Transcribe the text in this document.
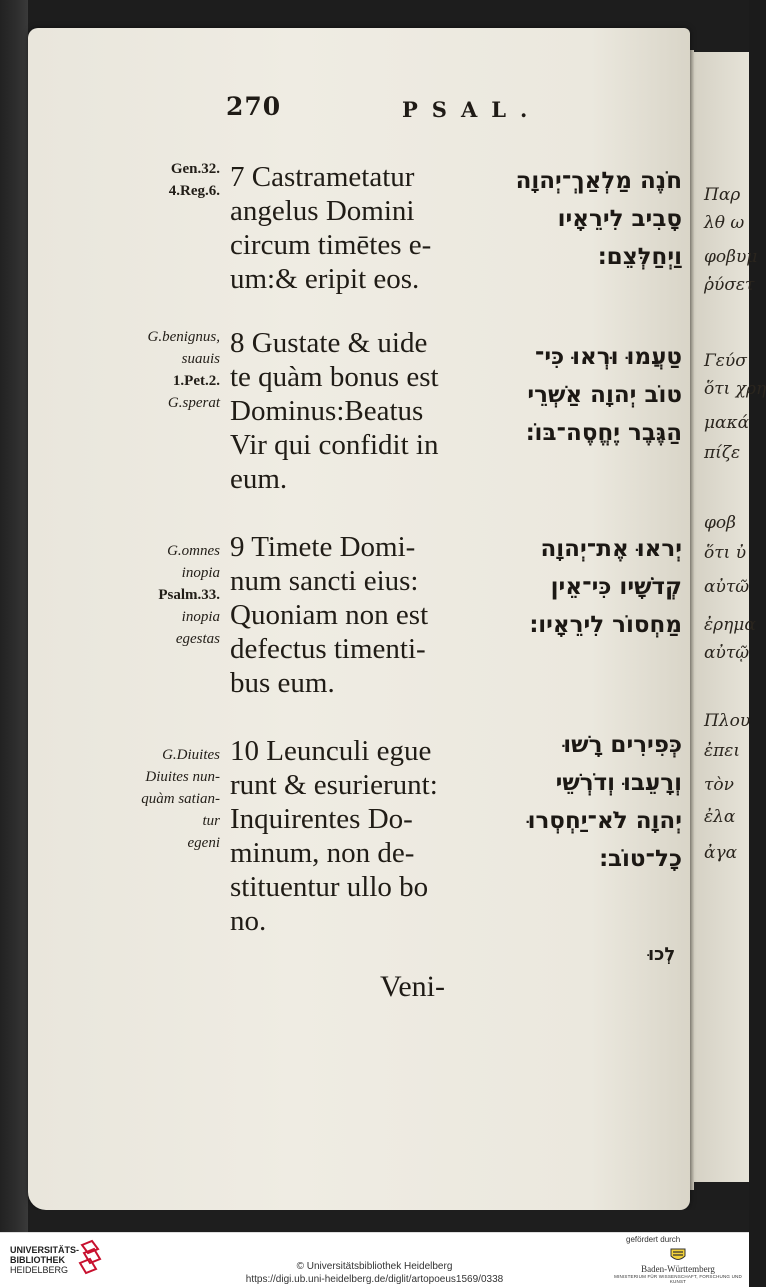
Παρ
λθ ω
φοβυμ
ῥύσετ
Γεύσ
ὅτι χρη
μακά
πίζε
φοβ
ὅτι ὐ
αὐτῶ
ἐρημα
αὐτῷ
Πλου
ἐπει
τὸν
ἐλα
ἀγα
270	PSAL.
Gen.32.
4.Reg.6. 7 Castrametatur
angelus Domini
circum timētes e-
um:& eripit eos.
חֹנֶה מַלְאַךְ־יְהוָה
סָבִיב לִירֵאָיו
וַיְחַלְּצֵם׃
G.benignus,
suauis
1.Pet.2.
G.sperat
8 Gustate & uide
te quàm bonus est
Dominus:Beatus
Vir qui confidit in
eum.
טַעֲמוּ וּרְאוּ כִּי־
טוֹב יְהוָה אַשְׁרֵי
הַגֶּבֶר יֶחֱסֶה־בּוֹ׃
G.omnes
inopia
Psalm.33.
inopia
egestas
9 Timete Domi-
num sancti eius:
Quoniam non est
defectus timenti-
bus eum.
יְראוּ אֶת־יְהוָה
קְדֹשָׁיו כִּי־אֵין
מַחְסוֹר לִירֵאָיו׃
G.Diuites
Diuites nun-
quàm satian-
tur
egeni
10 Leunculi egue
runt & esurierunt:
Inquirentes Do-
minum, non de-
stituentur ullo bo
no.
כְּפִירִים רָשׁוּ
וְרָעֵבוּ וְדֹרְשֵׁי
יְהוָה לֹא־יַחְסְרוּ
כָל־טוֹב׃
Veni-
לְכוּ
UNIVERSITÄTS-
BIBLIOTHEK
HEIDELBERG	© Universitätsbibliothek Heidelberg
https://digi.ub.uni-heidelberg.de/diglit/artopoeus1569/0338
gefördert durch
Baden-Württemberg
MINISTERIUM FÜR WISSENSCHAFT, FORSCHUNG UND KUNST
